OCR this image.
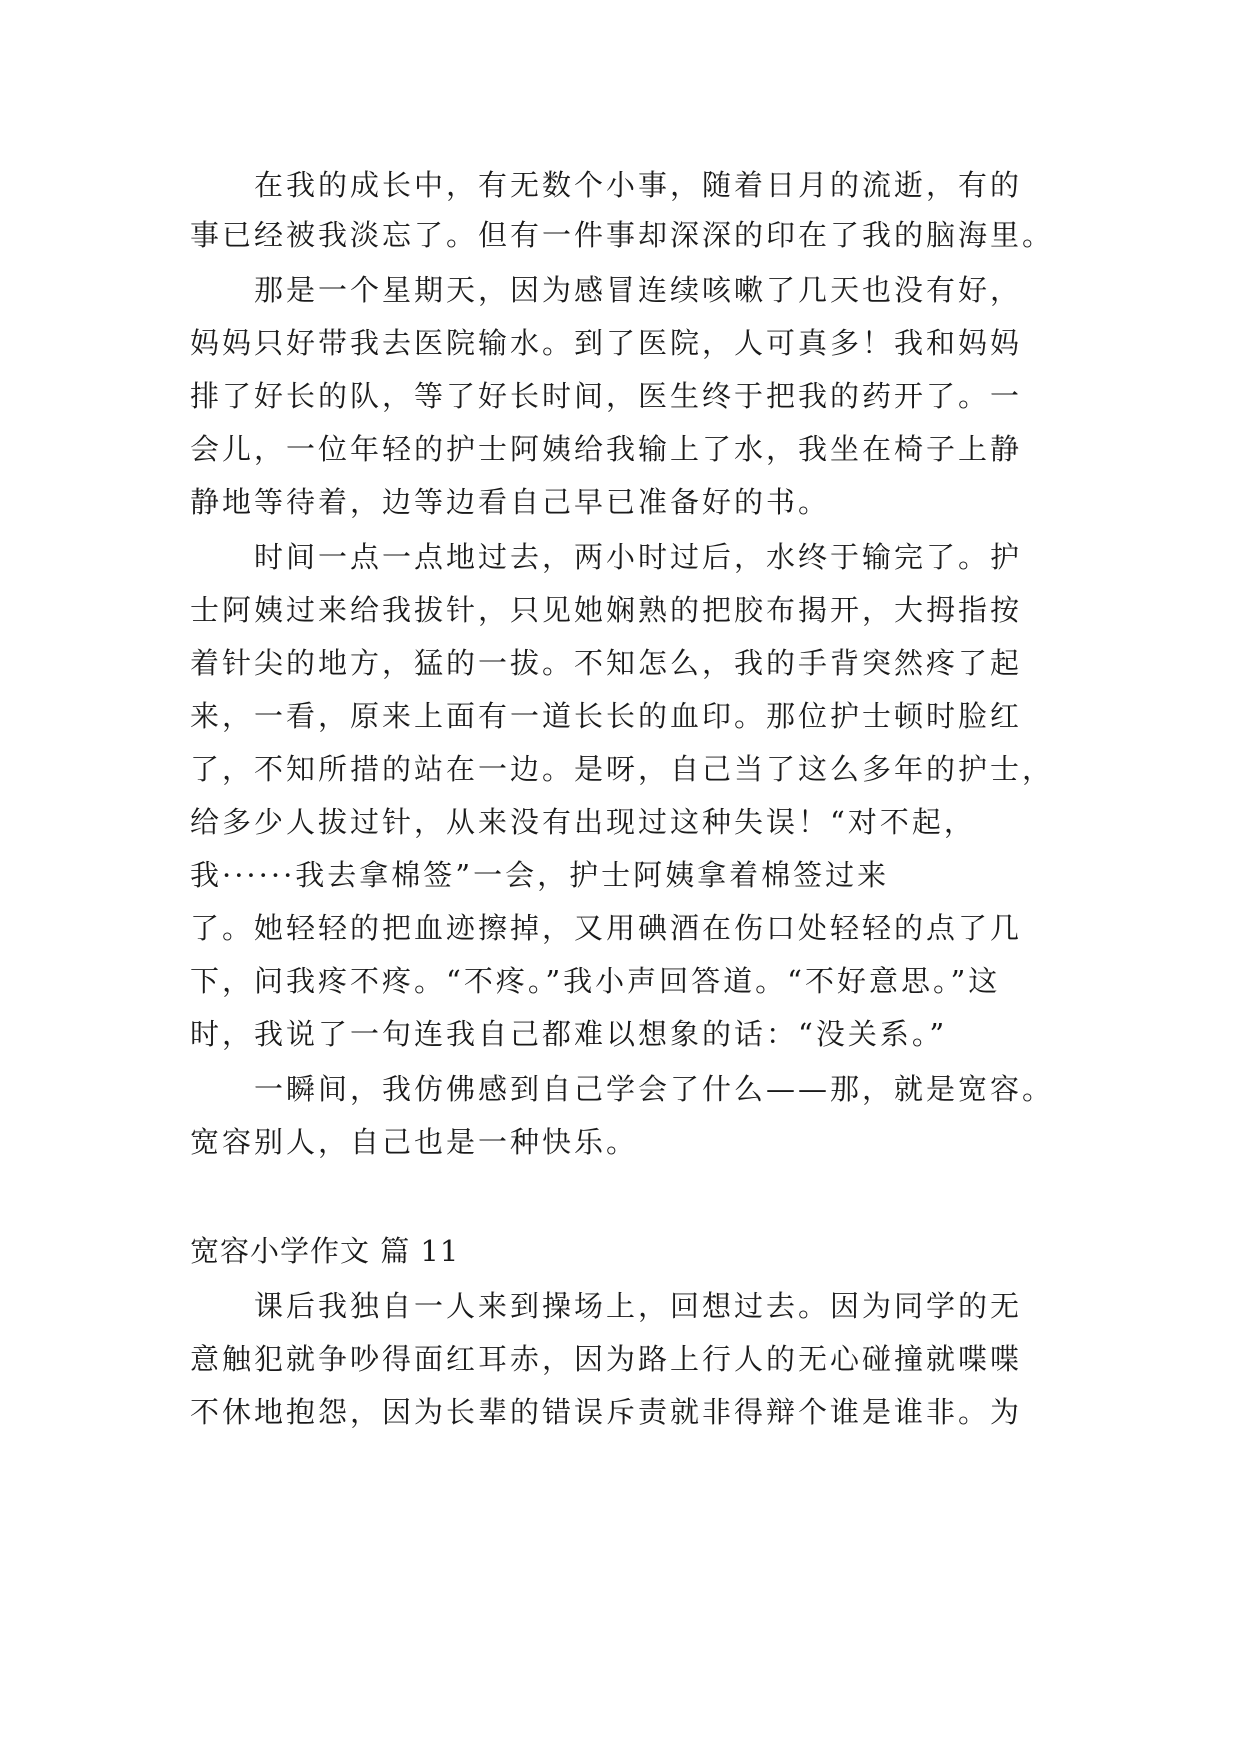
　　在我的成长中，有无数个小事，随着日月的流逝，有的
事已经被我淡忘了。但有一件事却深深的印在了我的脑海里。
　　那是一个星期天，因为感冒连续咳嗽了几天也没有好，
妈妈只好带我去医院输水。到了医院，人可真多！我和妈妈
排了好长的队，等了好长时间，医生终于把我的药开了。一
会儿，一位年轻的护士阿姨给我输上了水，我坐在椅子上静
静地等待着，边等边看自己早已准备好的书。
　　时间一点一点地过去，两小时过后，水终于输完了。护
士阿姨过来给我拔针，只见她娴熟的把胶布揭开，大拇指按
着针尖的地方，猛的一拔。不知怎么，我的手背突然疼了起
来，一看，原来上面有一道长长的血印。那位护士顿时脸红
了，不知所措的站在一边。是呀，自己当了这么多年的护士，
给多少人拔过针，从来没有出现过这种失误！“对不起，
我······我去拿棉签”一会，护士阿姨拿着棉签过来
了。她轻轻的把血迹擦掉，又用碘酒在伤口处轻轻的点了几
下，问我疼不疼。“不疼。”我小声回答道。“不好意思。”这
时，我说了一句连我自己都难以想象的话：“没关系。”
　　一瞬间，我仿佛感到自己学会了什么——那，就是宽容。
宽容别人，自己也是一种快乐。
宽容小学作文 篇 11
　　课后我独自一人来到操场上，回想过去。因为同学的无
意触犯就争吵得面红耳赤，因为路上行人的无心碰撞就喋喋
不休地抱怨，因为长辈的错误斥责就非得辩个谁是谁非。为
